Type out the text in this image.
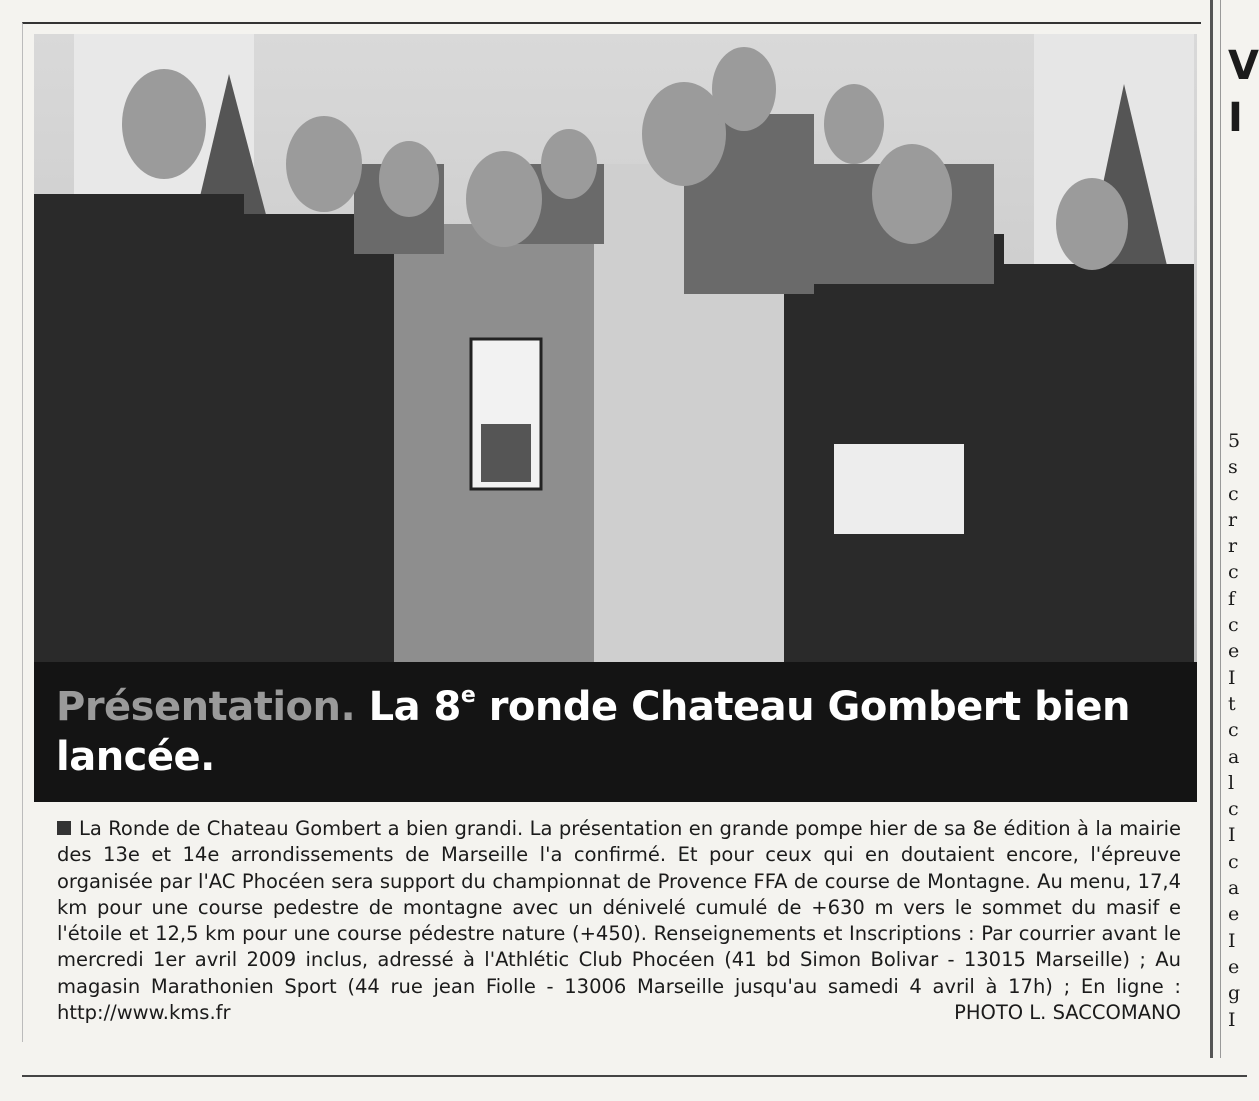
Présentation. La 8e ronde Chateau Gombert bien lancée.
La Ronde de Chateau Gombert a bien grandi. La présentation en grande pompe hier de sa 8e édition à la mairie des 13e et 14e arrondissements de Marseille l'a confirmé. Et pour ceux qui en doutaient encore, l'épreuve organisée par l'AC Phocéen sera support du championnat de Provence FFA de course de Montagne. Au menu, 17,4 km pour une course pedestre de montagne avec un dénivelé cumulé de +630 m vers le sommet du masif e l'étoile et 12,5 km pour une course pédestre nature (+450). Renseignements et Inscriptions : Par courrier avant le mercredi 1er avril 2009 inclus, adressé à l'Athlétic Club Phocéen (41 bd Simon Bolivar - 13015 Marseille) ; Au magasin Marathonien Sport (44 rue jean Fiolle - 13006 Marseille jusqu'au samedi 4 avril à 17h) ; En ligne : http://www.kms.fr	PHOTO L. SACCOMANO
V
I
5
s
c
r
r
c
f
c
e
I
t
c
a
l
c
I
c
a
e
I
e
g
I
